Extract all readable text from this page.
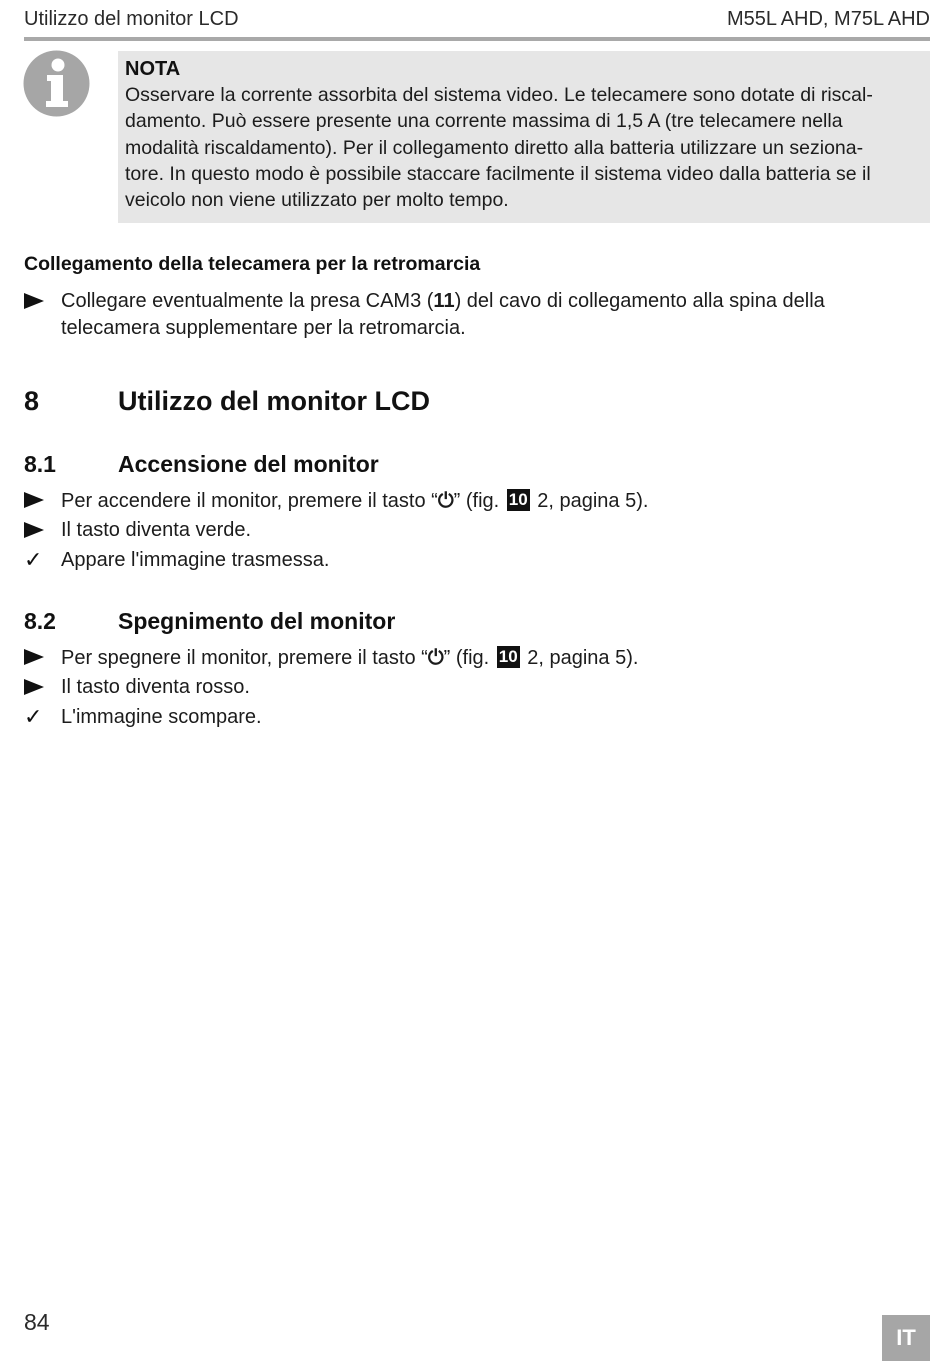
Utilizzo del monitor LCD	M55L AHD, M75L AHD
NOTA
Osservare la corrente assorbita del sistema video. Le telecamere sono dotate di riscal-
damento. Può essere presente una corrente massima di 1,5 A (tre telecamere nella
modalità riscaldamento). Per il collegamento diretto alla batteria utilizzare un seziona-
tore. In questo modo è possibile staccare facilmente il sistema video dalla batteria se il
veicolo non viene utilizzato per molto tempo.
Collegamento della telecamera per la retromarcia
Collegare eventualmente la presa CAM3 (11) del cavo di collegamento alla spina della
telecamera supplementare per la retromarcia.
8	Utilizzo del monitor LCD
8.1	Accensione del monitor
Per accendere il monitor, premere il tasto “⏻” (fig. 10 2, pagina 5).
Il tasto diventa verde.
✓ Appare l'immagine trasmessa.
8.2	Spegnimento del monitor
Per spegnere il monitor, premere il tasto “⏻” (fig. 10 2, pagina 5).
Il tasto diventa rosso.
✓ L'immagine scompare.
84
IT
